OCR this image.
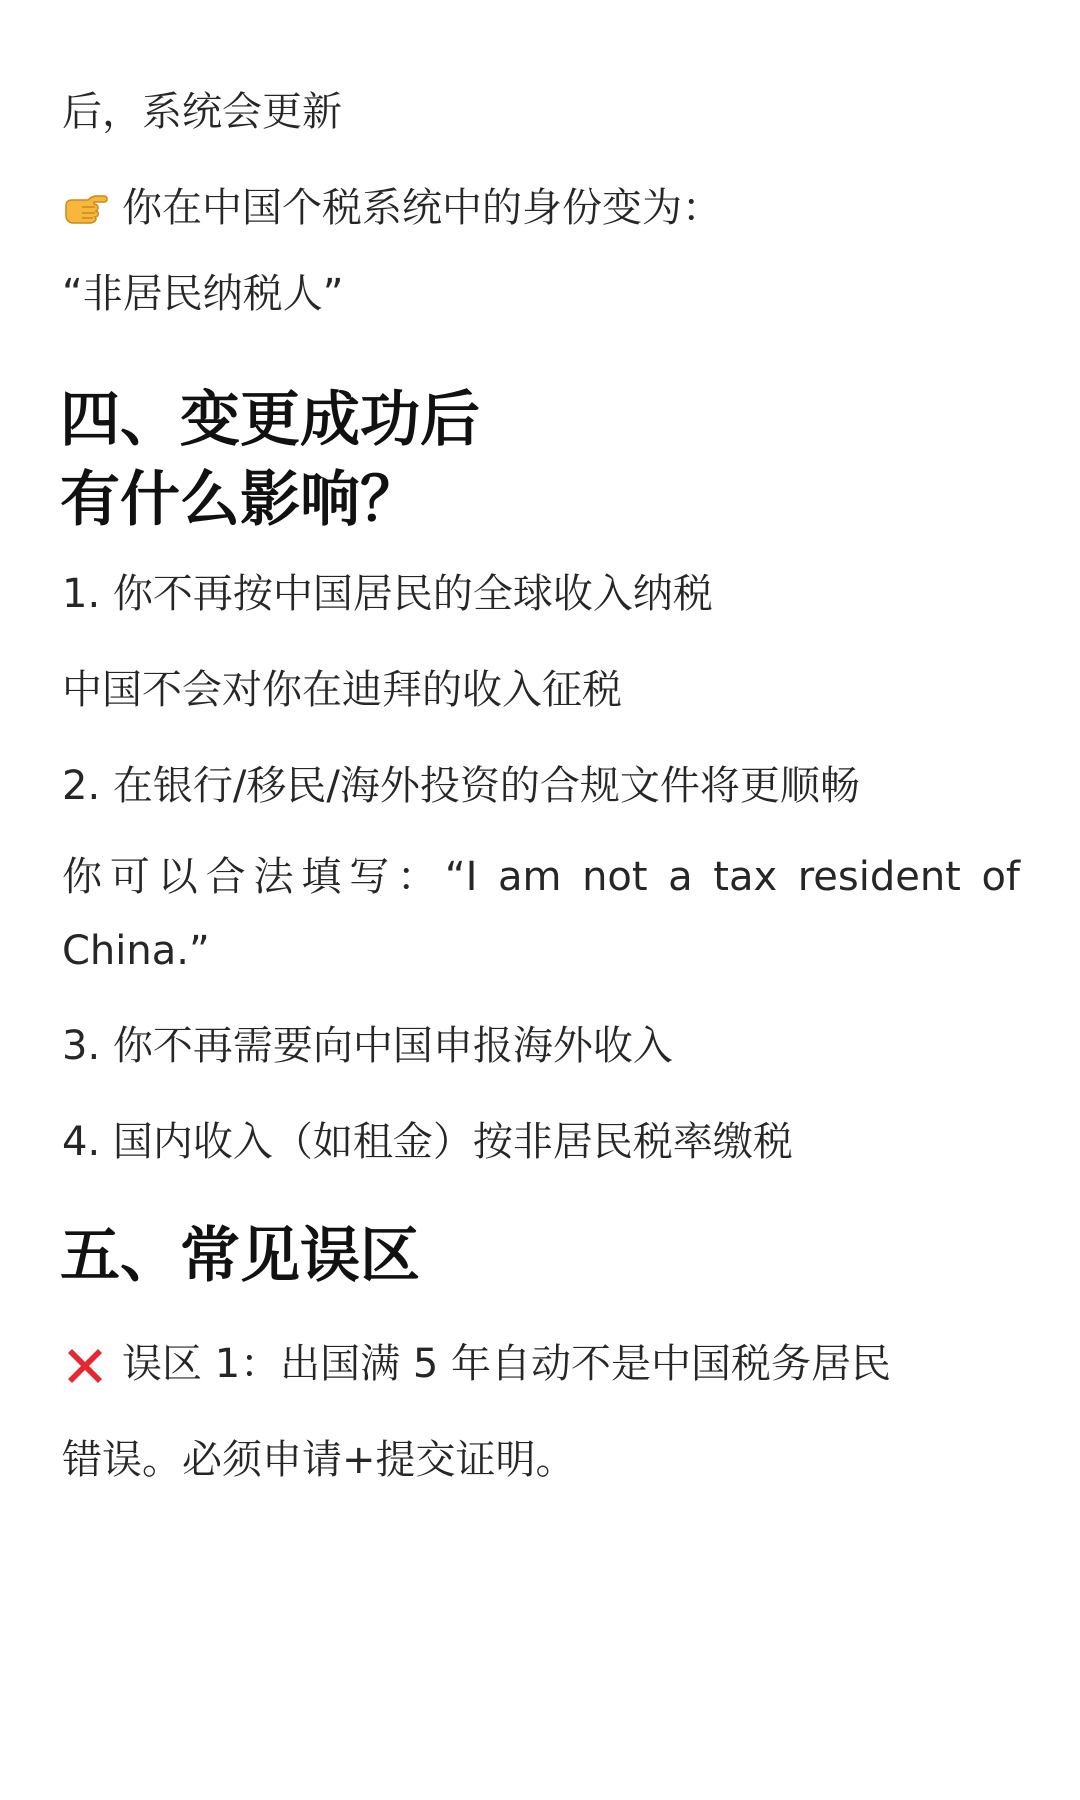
后，系统会更新
你在中国个税系统中的身份变为：
“非居民纳税人”
四、变更成功后
有什么影响？
1. 你不再按中国居民的全球收入纳税
中国不会对你在迪拜的收入征税
2. 在银行/移民/海外投资的合规文件将更顺畅
你可以合法填写：“I am not a tax resident of China.”
3. 你不再需要向中国申报海外收入
4. 国内收入（如租金）按非居民税率缴税
五、常见误区
误区 1：出国满 5 年自动不是中国税务居民
错误。必须申请+提交证明。
